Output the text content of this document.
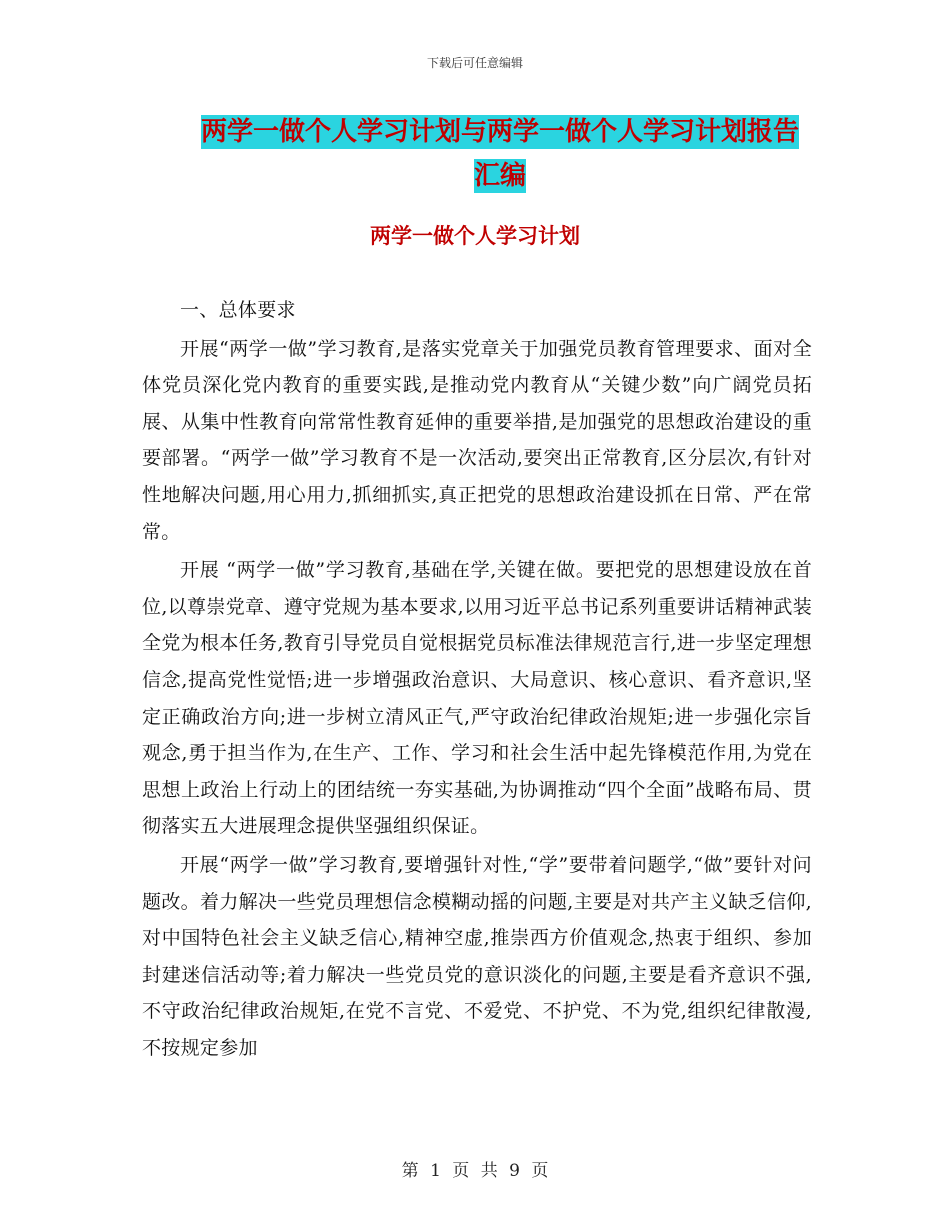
下载后可任意编辑
两学一做个人学习计划与两学一做个人学习计划报告
汇编
两学一做个人学习计划

一、总体要求

开展“两学一做”学习教育,是落实党章关于加强党员教育管理要求、面对全体党员深化党内教育的重要实践,是推动党内教育从“关键少数”向广阔党员拓展、从集中性教育向常常性教育延伸的重要举措,是加强党的思想政治建设的重要部署。“两学一做”学习教育不是一次活动,要突出正常教育,区分层次,有针对性地解决问题,用心用力,抓细抓实,真正把党的思想政治建设抓在日常、严在常常。

开展 “两学一做”学习教育,基础在学,关键在做。要把党的思想建设放在首位,以尊崇党章、遵守党规为基本要求,以用习近平总书记系列重要讲话精神武装全党为根本任务,教育引导党员自觉根据党员标准法律规范言行,进一步坚定理想信念,提高党性觉悟;进一步增强政治意识、大局意识、核心意识、看齐意识,坚定正确政治方向;进一步树立清风正气,严守政治纪律政治规矩;进一步强化宗旨观念,勇于担当作为,在生产、工作、学习和社会生活中起先锋模范作用,为党在思想上政治上行动上的团结统一夯实基础,为协调推动“四个全面”战略布局、贯彻落实五大进展理念提供坚强组织保证。

开展“两学一做”学习教育,要增强针对性,“学”要带着问题学,“做”要针对问题改。着力解决一些党员理想信念模糊动摇的问题,主要是对共产主义缺乏信仰,对中国特色社会主义缺乏信心,精神空虚,推崇西方价值观念,热衷于组织、参加封建迷信活动等;着力解决一些党员党的意识淡化的问题,主要是看齐意识不强,不守政治纪律政治规矩,在党不言党、不爱党、不护党、不为党,组织纪律散漫,不按规定参加

第 1 页 共 9 页
